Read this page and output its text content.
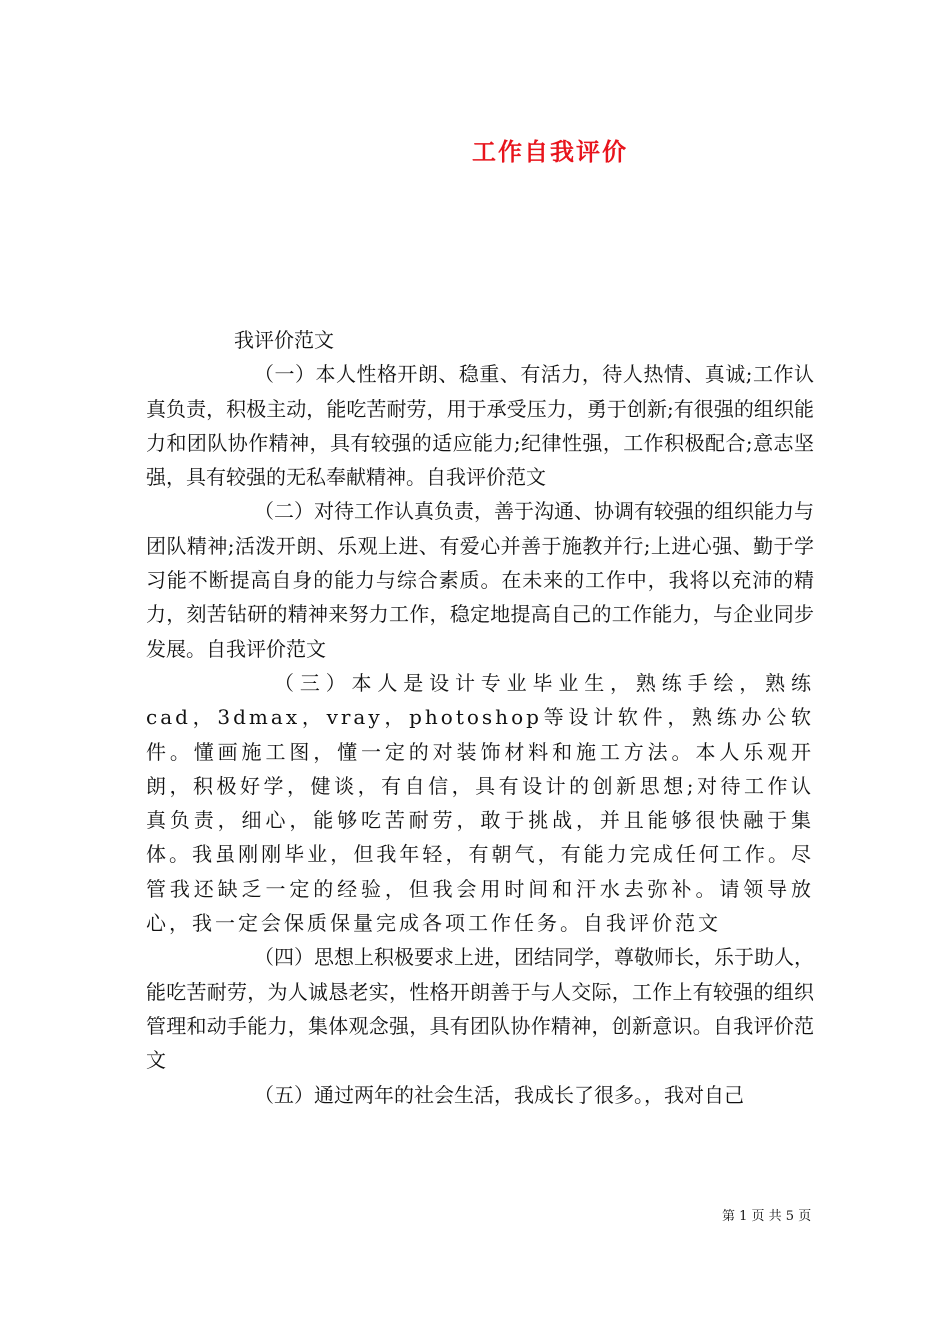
工作自我评价

我评价范文

（一）本人性格开朗、稳重、有活力，待人热情、真诚;工作认真负责，积极主动，能吃苦耐劳，用于承受压力，勇于创新;有很强的组织能力和团队协作精神，具有较强的适应能力;纪律性强，工作积极配合;意志坚强，具有较强的无私奉献精神。自我评价范文

（二）对待工作认真负责，善于沟通、协调有较强的组织能力与团队精神;活泼开朗、乐观上进、有爱心并善于施教并行;上进心强、勤于学习能不断提高自身的能力与综合素质。在未来的工作中，我将以充沛的精力，刻苦钻研的精神来努力工作，稳定地提高自己的工作能力，与企业同步发展。自我评价范文

（三）本人是设计专业毕业生，熟练手绘，熟练cad，3dmax，vray，photoshop等设计软件，熟练办公软件。懂画施工图，懂一定的对装饰材料和施工方法。本人乐观开朗，积极好学，健谈，有自信，具有设计的创新思想;对待工作认真负责，细心，能够吃苦耐劳，敢于挑战，并且能够很快融于集体。我虽刚刚毕业，但我年轻，有朝气，有能力完成任何工作。尽管我还缺乏一定的经验，但我会用时间和汗水去弥补。请领导放心，我一定会保质保量完成各项工作任务。自我评价范文

（四）思想上积极要求上进，团结同学，尊敬师长，乐于助人，能吃苦耐劳，为人诚恳老实，性格开朗善于与人交际，工作上有较强的组织管理和动手能力，集体观念强，具有团队协作精神，创新意识。自我评价范文

（五）通过两年的社会生活，我成长了很多。，我对自己

第 1 页 共 5 页
